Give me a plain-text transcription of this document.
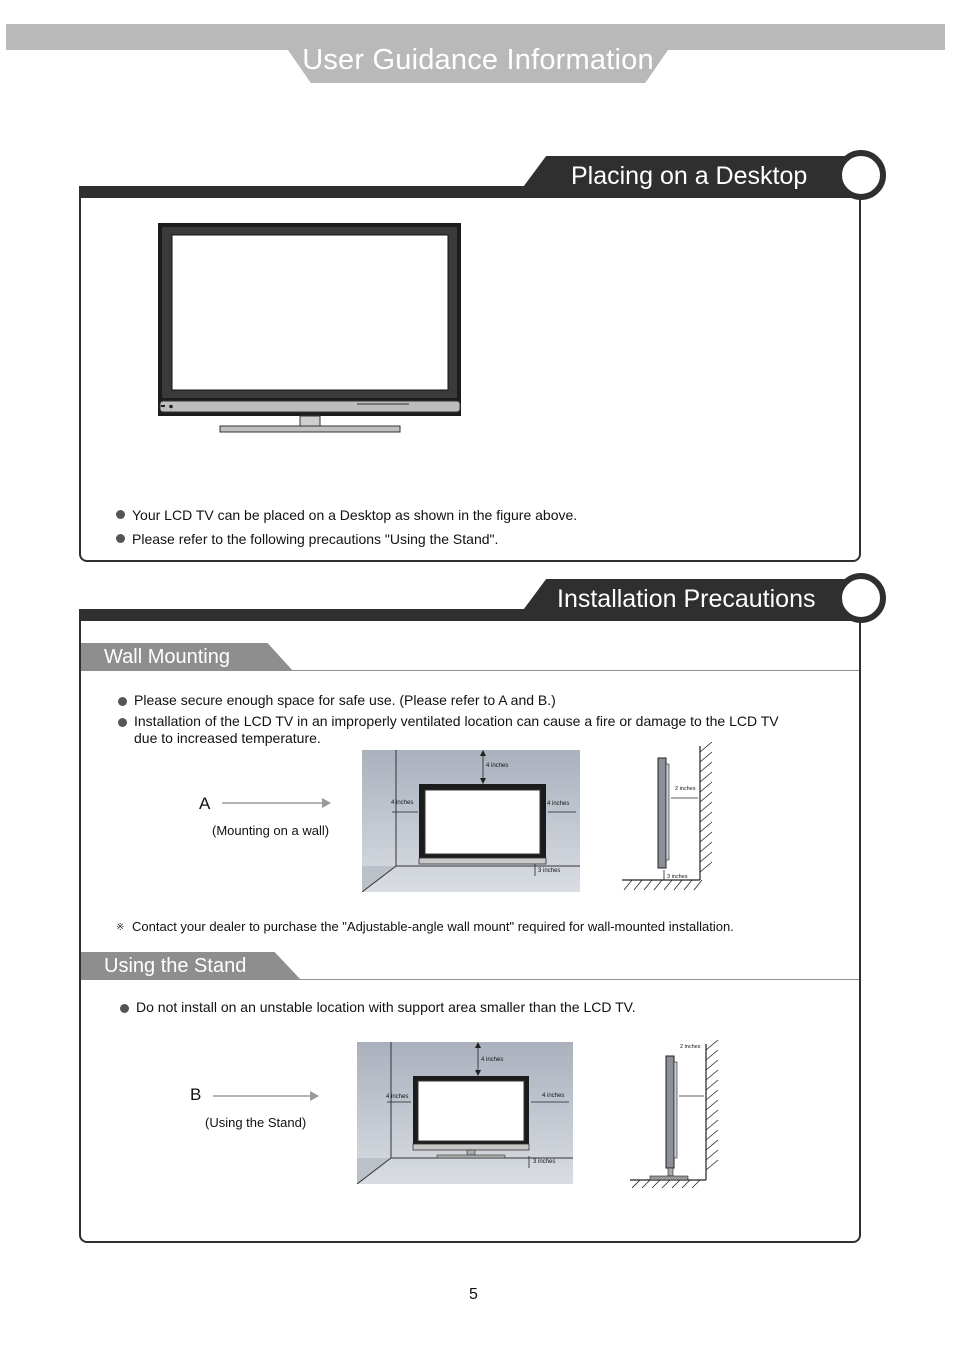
User Guidance Information
Placing on a Desktop
Your LCD TV can be placed on a Desktop as shown in the figure above.
Please refer to the following precautions "Using the Stand".
Installation Precautions
Wall Mounting
Please secure enough space for safe use. (Please refer to A and B.)
Installation of the LCD TV in an improperly ventilated location can cause a fire or damage to the LCD TV
due to increased temperature.
A
(Mounting on a wall)
4 inches
4 inches	4 inches
3 inches
2 inches
3 inches
※ Contact your dealer to purchase the "Adjustable-angle wall mount" required for wall-mounted installation.
Using the Stand
Do not install on an unstable location with support area smaller than the LCD TV.
B
(Using the Stand)
4 inches
4 inches	4 inches
3 inches
2 inches
5
